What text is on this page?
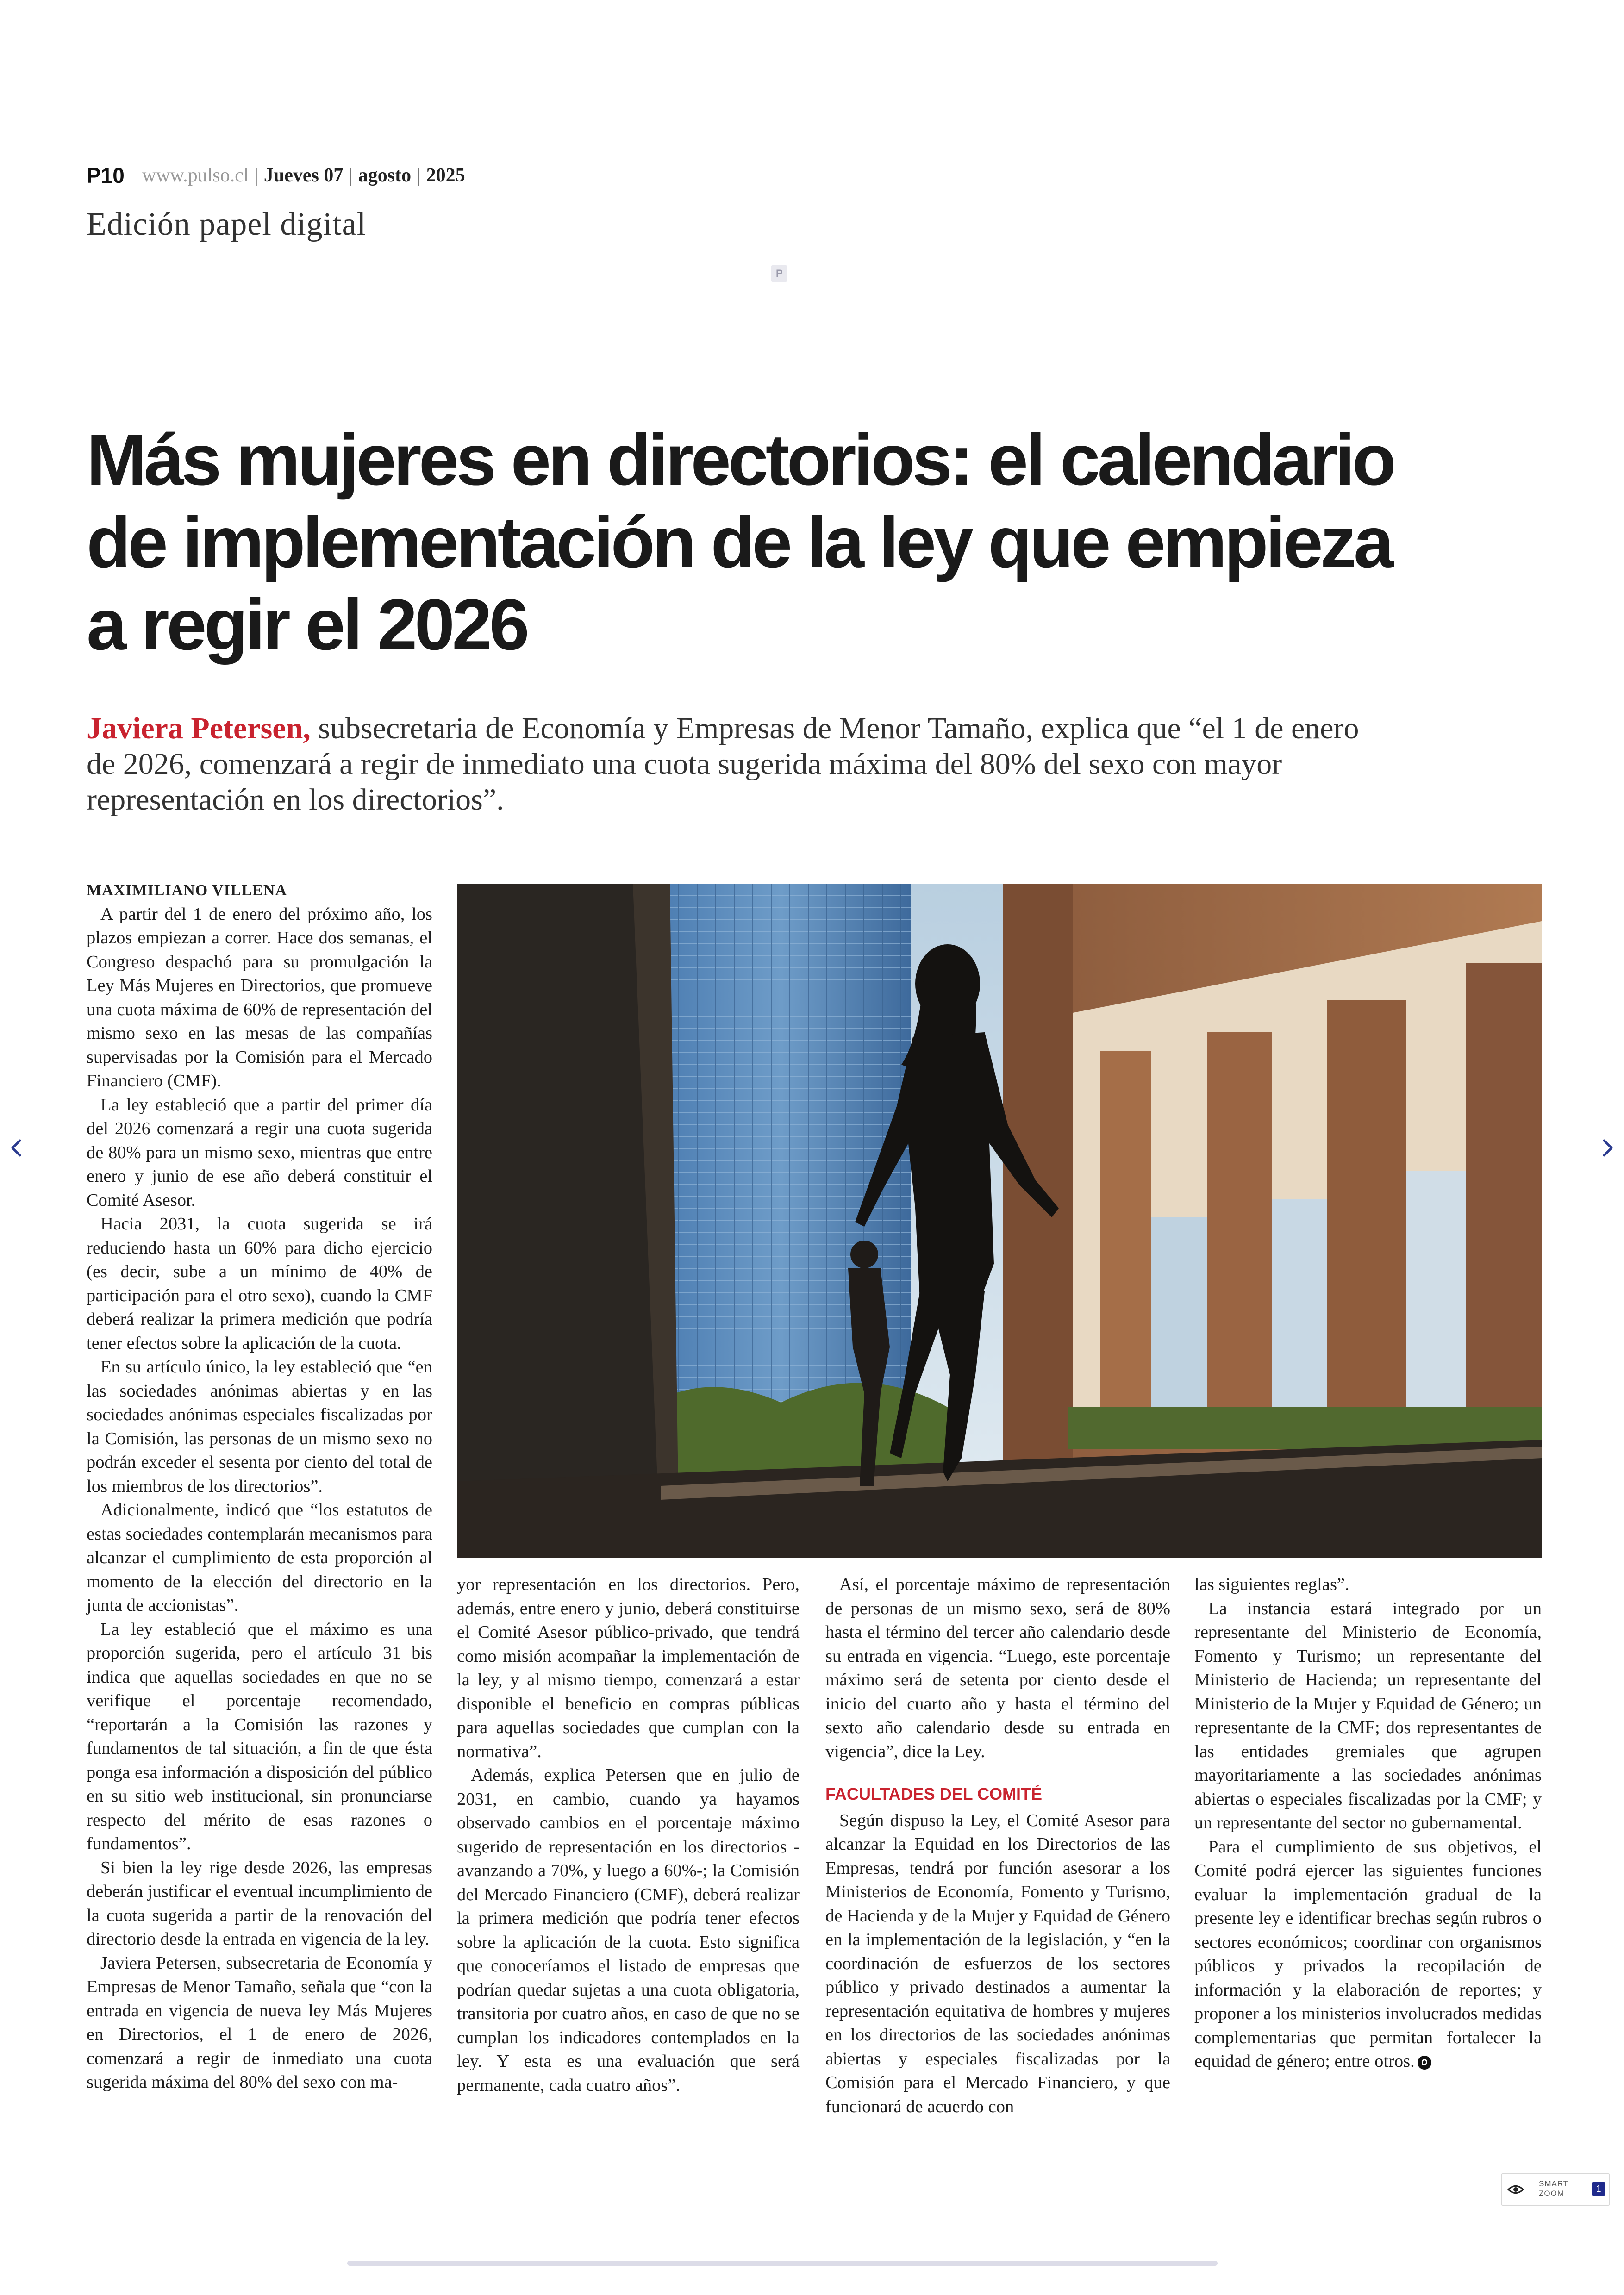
P10 www.pulso.cl | Jueves 07 | agosto | 2025
Edición papel digital
P
Más mujeres en directorios: el calendario de implementación de la ley que empieza a regir el 2026
Javiera Petersen, subsecretaria de Economía y Empresas de Menor Tamaño, explica que “el 1 de enero de 2026, comenzará a regir de inmediato una cuota sugerida máxima del 80% del sexo con mayor representación en los directorios”.

MAXIMILIANO VILLENA

A partir del 1 de enero del próximo año, los plazos empiezan a correr. Hace dos semanas, el Congreso despachó para su promulgación la Ley Más Mujeres en Directorios, que promueve una cuota máxima de 60% de representación del mismo sexo en las mesas de las compañías supervisadas por la Comisión para el Mercado Financiero (CMF).

La ley estableció que a partir del primer día del 2026 comenzará a regir una cuota sugerida de 80% para un mismo sexo, mientras que entre enero y junio de ese año deberá constituir el Comité Asesor.

Hacia 2031, la cuota sugerida se irá reduciendo hasta un 60% para dicho ejercicio (es decir, sube a un mínimo de 40% de participación para el otro sexo), cuando la CMF deberá realizar la primera medición que podría tener efectos sobre la aplicación de la cuota.

En su artículo único, la ley estableció que “en las sociedades anónimas abiertas y en las sociedades anónimas especiales fiscalizadas por la Comisión, las personas de un mismo sexo no podrán exceder el sesenta por ciento del total de los miembros de los directorios”.

Adicionalmente, indicó que “los estatutos de estas sociedades contemplarán mecanismos para alcanzar el cumplimiento de esta proporción al momento de la elección del directorio en la junta de accionistas”.

La ley estableció que el máximo es una proporción sugerida, pero el artículo 31 bis indica que aquellas sociedades en que no se verifique el porcentaje recomendado, “reportarán a la Comisión las razones y fundamentos de tal situación, a fin de que ésta ponga esa información a disposición del público en su sitio web institucional, sin pronunciarse respecto del mérito de esas razones o fundamentos”.

Si bien la ley rige desde 2026, las empresas deberán justificar el eventual incumplimiento de la cuota sugerida a partir de la renovación del directorio desde la entrada en vigencia de la ley.

Javiera Petersen, subsecretaria de Economía y Empresas de Menor Tamaño, señala que “con la entrada en vigencia de nueva ley Más Mujeres en Directorios, el 1 de enero de 2026, comenzará a regir de inmediato una cuota sugerida máxima del 80% del sexo con ma-

yor representación en los directorios. Pero, además, entre enero y junio, deberá constituirse el Comité Asesor público-privado, que tendrá como misión acompañar la implementación de la ley, y al mismo tiempo, comenzará a estar disponible el beneficio en compras públicas para aquellas sociedades que cumplan con la normativa”.

Además, explica Petersen que en julio de 2031, en cambio, cuando ya hayamos observado cambios en el porcentaje máximo sugerido de representación en los directorios -avanzando a 70%, y luego a 60%-; la Comisión del Mercado Financiero (CMF), deberá realizar la primera medición que podría tener efectos sobre la aplicación de la cuota. Esto significa que conoceríamos el listado de empresas que podrían quedar sujetas a una cuota obligatoria, transitoria por cuatro años, en caso de que no se cumplan los indicadores contemplados en la ley. Y esta es una evaluación que será permanente, cada cuatro años”.

Así, el porcentaje máximo de representación de personas de un mismo sexo, será de 80% hasta el término del tercer año calendario desde su entrada en vigencia. “Luego, este porcentaje máximo será de setenta por ciento desde el inicio del cuarto año y hasta el término del sexto año calendario desde su entrada en vigencia”, dice la Ley.

FACULTADES DEL COMITÉ

Según dispuso la Ley, el Comité Asesor para alcanzar la Equidad en los Directorios de las Empresas, tendrá por función asesorar a los Ministerios de Economía, Fomento y Turismo, de Hacienda y de la Mujer y Equidad de Género en la implementación de la legislación, y “en la coordinación de esfuerzos de los sectores público y privado destinados a aumentar la representación equitativa de hombres y mujeres en los directorios de las sociedades anónimas abiertas y especiales fiscalizadas por la Comisión para el Mercado Financiero, y que funcionará de acuerdo con

las siguientes reglas”.

La instancia estará integrado por un representante del Ministerio de Economía, Fomento y Turismo; un representante del Ministerio de Hacienda; un representante del Ministerio de la Mujer y Equidad de Género; un representante de la CMF; dos representantes de las entidades gremiales que agrupen mayoritariamente a las sociedades anónimas abiertas o especiales fiscalizadas por la CMF; y un representante del sector no gubernamental.

Para el cumplimiento de sus objetivos, el Comité podrá ejercer las siguientes funciones evaluar la implementación gradual de la presente ley e identificar brechas según rubros o sectores económicos; coordinar con organismos públicos y privados la recopilación de información y la elaboración de reportes; y proponer a los ministerios involucrados medidas complementarias que permitan fortalecer la equidad de género; entre otros.

SMART ZOOM	1
